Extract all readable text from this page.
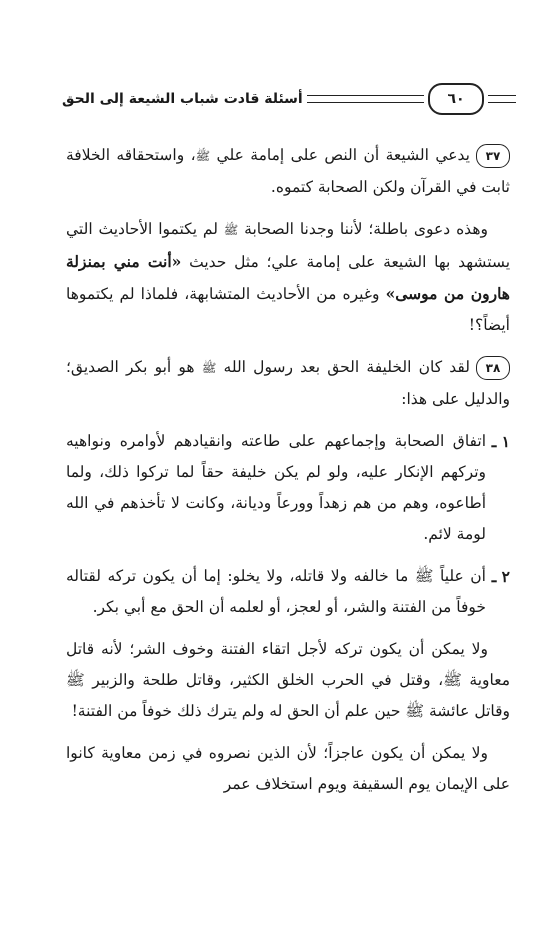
أسئلة قادت شباب الشيعة إلى الحق	٦٠

٣٧يدعي الشيعة أن النص على إمامة علي ﷺ، واستحقاقه الخلافة ثابت في القرآن ولكن الصحابة كتموه.

وهذه دعوى باطلة؛ لأننا وجدنا الصحابة ﷺ لم يكتموا الأحاديث التي يستشهد بها الشيعة على إمامة علي؛ مثل حديث «أنت مني بمنزلة هارون من موسى» وغيره من الأحاديث المتشابهة، فلماذا لم يكتموها أيضاً؟!

٣٨لقد كان الخليفة الحق بعد رسول الله ﷺ هو أبو بكر الصديق؛ والدليل على هذا:

١ ـ
اتفاق الصحابة وإجماعهم على طاعته وانقيادهم لأوامره ونواهيه وتركهم الإنكار عليه، ولو لم يكن خليفة حقاً لما تركوا ذلك، ولما أطاعوه، وهم من هم زهداً وورعاً وديانة، وكانت لا تأخذهم في الله لومة لائم.
٢ ـ
أن علياً ﷺ ما خالفه ولا قاتله، ولا يخلو: إما أن يكون تركه لقتاله خوفاً من الفتنة والشر، أو لعجز، أو لعلمه أن الحق مع أبي بكر.

ولا يمكن أن يكون تركه لأجل اتقاء الفتنة وخوف الشر؛ لأنه قاتل معاوية ﷺ، وقتل في الحرب الخلق الكثير، وقاتل طلحة والزبير ﷺ وقاتل عائشة ﷺ حين علم أن الحق له ولم يترك ذلك خوفاً من الفتنة!

ولا يمكن أن يكون عاجزاً؛ لأن الذين نصروه في زمن معاوية كانوا على الإيمان يوم السقيفة ويوم استخلاف عمر
